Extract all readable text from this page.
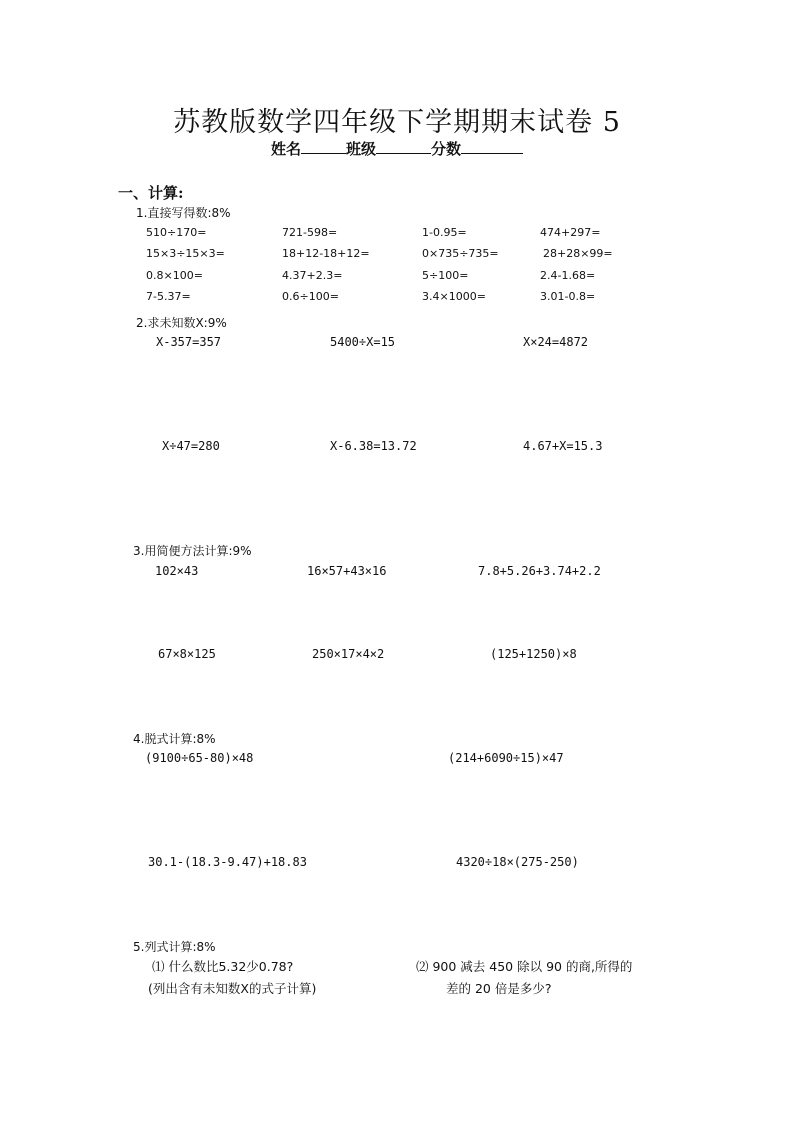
苏教版数学四年级下学期期末试卷 5
姓名	班级	分数
一、计算:
1.直接写得数:8%
510÷170=	721-598=	1-0.95=	474+297=
15×3÷15×3=	18+12-18+12=	0×735÷735=	28+28×99=
0.8×100=	4.37+2.3=	5÷100=	2.4-1.68=
7-5.37=	0.6÷100=	3.4×1000=	3.01-0.8=
2.求未知数X:9%
X-357=357	5400÷X=15	X×24=4872
X÷47=280	X-6.38=13.72	4.67+X=15.3
3.用简便方法计算:9%
102×43	16×57+43×16	7.8+5.26+3.74+2.2
67×8×125	250×17×4×2	(125+1250)×8
4.脱式计算:8%
(9100÷65-80)×48	(214+6090÷15)×47
30.1-(18.3-9.47)+18.83	4320÷18×(275-250)
5.列式计算:8%
⑴ 什么数比5.32少0.78?
(列出含有未知数X的式子计算)
⑵ 900 减去 450 除以 90 的商,所得的
差的 20 倍是多少?
